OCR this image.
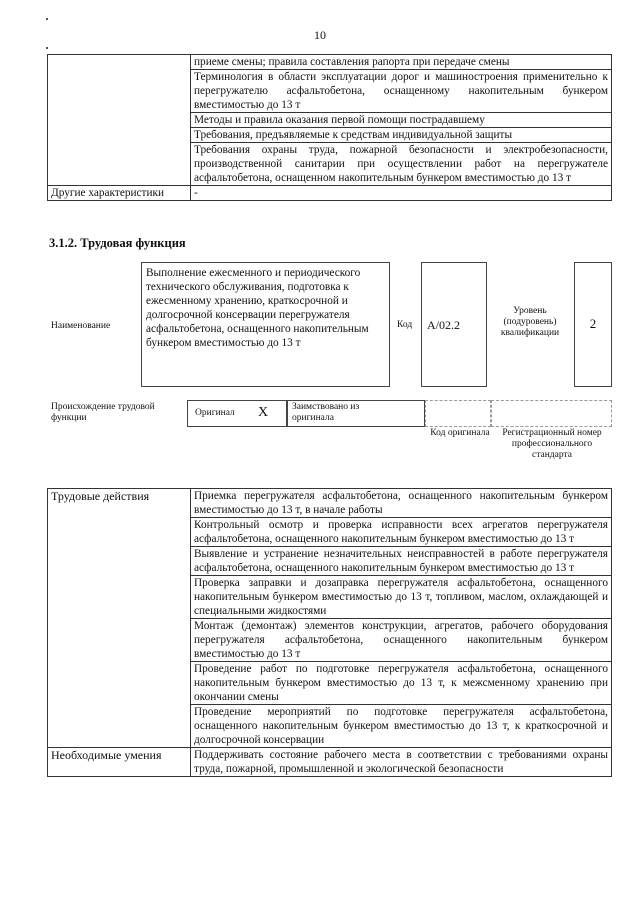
10
	приеме смены; правила составления рапорта при передаче смены
	Терминология в области эксплуатации дорог и машиностроения применительно к перегружателю асфальтобетона, оснащенному накопительным бункером вместимостью до 13 т
	Методы и правила оказания первой помощи пострадавшему
	Требования, предъявляемые к средствам индивидуальной защиты
	Требования охраны труда, пожарной безопасности и электробезопасности, производственной санитарии при осуществлении работ на перегружателе асфальтобетона, оснащенном накопительным бункером вместимостью до 13 т
Другие характеристики	-
3.1.2. Трудовая функция
Наименование
Выполнение ежесменного и периодического технического обслуживания, подготовка к ежесменному хранению, краткосрочной и долгосрочной консервации перегружателя асфальтобетона, оснащенного накопительным бункером вместимостью до 13 т
Код A/02.2
Уровень (подуровень) квалификации
2
Происхождение трудовой функции	Оригинал X	Заимствовано из оригинала
Код оригинала	Регистрационный номер профессионального стандарта
Трудовые действия	Приемка перегружателя асфальтобетона, оснащенного накопительным бункером вместимостью до 13 т, в начале работы
	Контрольный осмотр и проверка исправности всех агрегатов перегружателя асфальтобетона, оснащенного накопительным бункером вместимостью до 13 т
	Выявление и устранение незначительных неисправностей в работе перегружателя асфальтобетона, оснащенного накопительным бункером вместимостью до 13 т
	Проверка заправки и дозаправка перегружателя асфальтобетона, оснащенного накопительным бункером вместимостью до 13 т, топливом, маслом, охлаждающей и специальными жидкостями
	Монтаж (демонтаж) элементов конструкции, агрегатов, рабочего оборудования перегружателя асфальтобетона, оснащенного накопительным бункером вместимостью до 13 т
	Проведение работ по подготовке перегружателя асфальтобетона, оснащенного накопительным бункером вместимостью до 13 т, к межсменному хранению при окончании смены
	Проведение мероприятий по подготовке перегружателя асфальтобетона, оснащенного накопительным бункером вместимостью до 13 т, к краткосрочной и долгосрочной консервации
Необходимые умения	Поддерживать состояние рабочего места в соответствии с требованиями охраны труда, пожарной, промышленной и экологической безопасности
